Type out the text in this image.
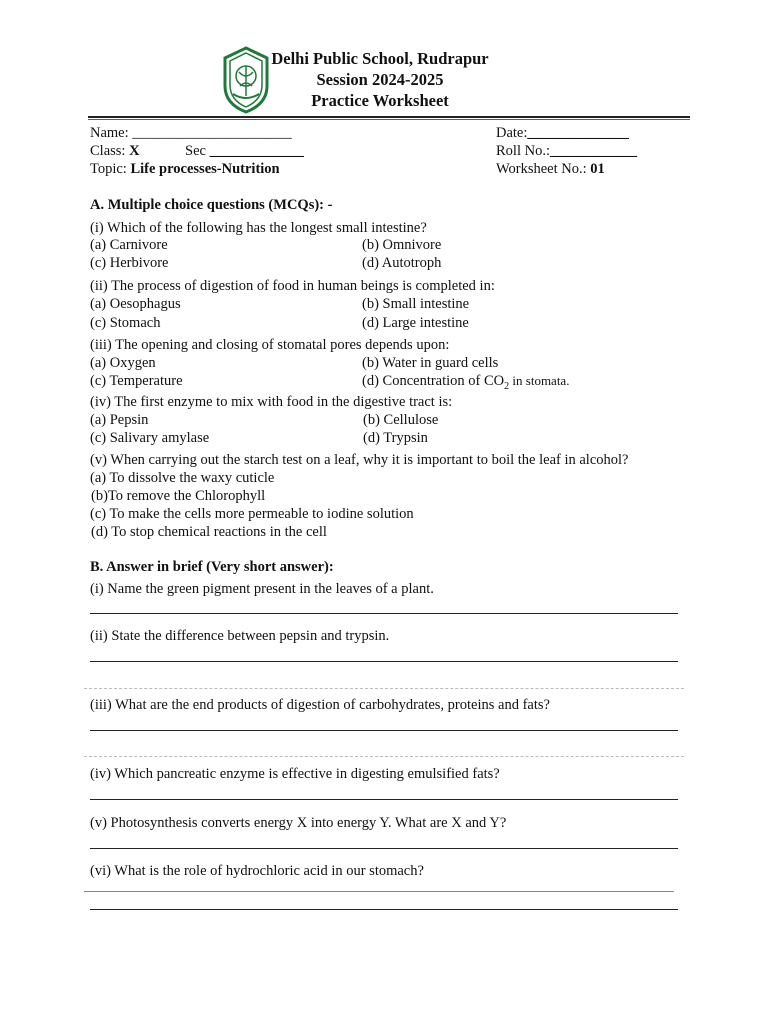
Delhi Public School, Rudrapur
Session 2024-2025
Practice Worksheet
Name: ______________________	Date:______________
Class: X	Sec _____________	Roll No.:____________
Topic: Life processes-Nutrition	Worksheet No.: 01
A. Multiple choice questions (MCQs): -
(i) Which of the following has the longest small intestine?
(a) Carnivore	(b) Omnivore
(c) Herbivore	(d) Autotroph
(ii) The process of digestion of food in human beings is completed in:
(a) Oesophagus	(b) Small intestine
(c) Stomach	(d) Large intestine
(iii) The opening and closing of stomatal pores depends upon:
(a) Oxygen	(b) Water in guard cells
(c) Temperature	(d) Concentration of $CO_2$ in stomata.
(iv) The first enzyme to mix with food in the digestive tract is:
(a) Pepsin	(b) Cellulose
(c) Salivary amylase	(d) Trypsin
(v) When carrying out the starch test on a leaf, why it is important to boil the leaf in alcohol?
(a) To dissolve the waxy cuticle
(b)To remove the Chlorophyll
(c) To make the cells more permeable to iodine solution
(d) To stop chemical reactions in the cell
B. Answer in brief (Very short answer):
(i) Name the green pigment present in the leaves of a plant.
(ii) State the difference between pepsin and trypsin.
(iii) What are the end products of digestion of carbohydrates, proteins and fats?
(iv) Which pancreatic enzyme is effective in digesting emulsified fats?
(v) Photosynthesis converts energy X into energy Y. What are X and Y?
(vi) What is the role of hydrochloric acid in our stomach?
